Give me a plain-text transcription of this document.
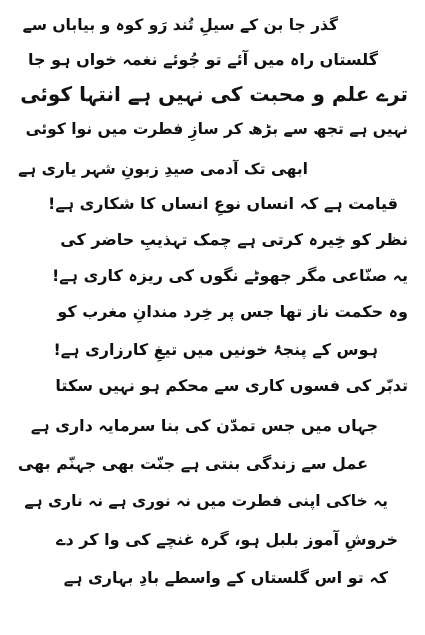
گذر جا بن کے سیلِ تُند رَو کوہ و بیاباں سے
گلستاں راہ میں آئے تو جُوئے نغمہ خواں ہو جا
ترے علم و محبت کی نہیں ہے انتہا کوئی
نہیں ہے تجھ سے بڑھ کر سازِ فطرت میں نوا کوئی
ابھی تک آدمی صیدِ زبونِ شہر یاری ہے
قیامت ہے کہ انساں نوعِ انساں کا شکاری ہے!
نظر کو خِیرہ کرتی ہے چمک تہذیبِ حاضر کی
یہ صنّاعی مگر جھوٹے نگوں کی ریزہ کاری ہے!
وہ حکمت ناز تھا جس پر خِرد مندانِ مغرب کو
ہوس کے پنجۂ خونیں میں تیغِ کارزاری ہے!
تدبّر کی فسوں کاری سے محکم ہو نہیں سکتا
جہاں میں جس تمدّن کی بنا سرمایہ داری ہے
عمل سے زندگی بنتی ہے جنّت بھی جہنّم بھی
یہ خاکی اپنی فطرت میں نہ نوری ہے نہ ناری ہے
خروشِ آموز بلبل ہو، گرہ غنچے کی وا کر دے
کہ تو اس گلستاں کے واسطے بادِ بہاری ہے
